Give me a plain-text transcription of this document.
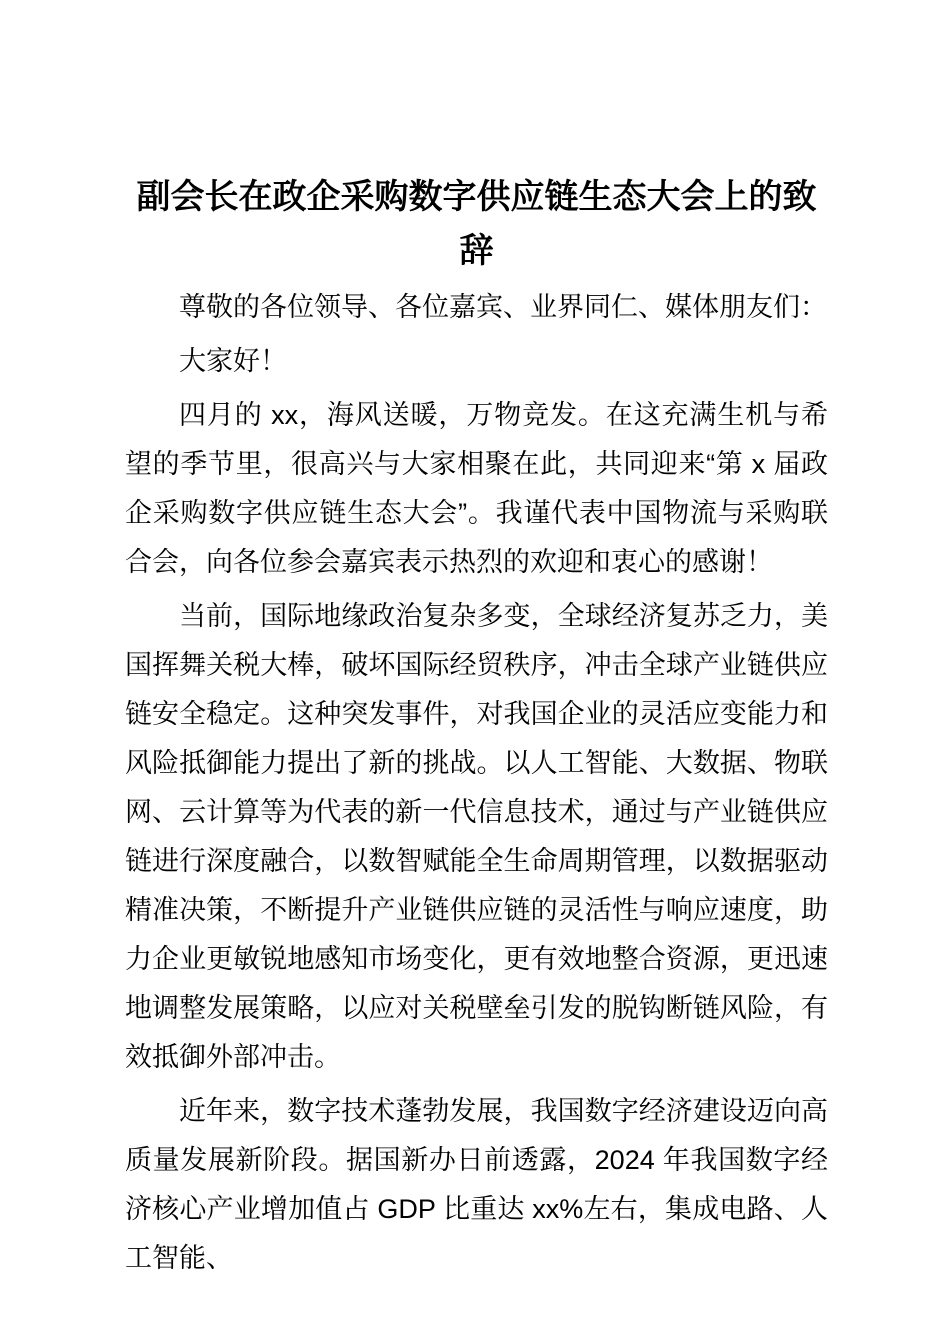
副会长在政企采购数字供应链生态大会上的致
辞

尊敬的各位领导、各位嘉宾、业界同仁、媒体朋友们：

大家好！

四月的 xx，海风送暖，万物竞发。在这充满生机与希望的季节里，很高兴与大家相聚在此，共同迎来“第 x 届政企采购数字供应链生态大会”。我谨代表中国物流与采购联合会，向各位参会嘉宾表示热烈的欢迎和衷心的感谢！

当前，国际地缘政治复杂多变，全球经济复苏乏力，美国挥舞关税大棒，破坏国际经贸秩序，冲击全球产业链供应链安全稳定。这种突发事件，对我国企业的灵活应变能力和风险抵御能力提出了新的挑战。以人工智能、大数据、物联网、云计算等为代表的新一代信息技术，通过与产业链供应链进行深度融合，以数智赋能全生命周期管理，以数据驱动精准决策，不断提升产业链供应链的灵活性与响应速度，助力企业更敏锐地感知市场变化，更有效地整合资源，更迅速地调整发展策略，以应对关税壁垒引发的脱钩断链风险，有效抵御外部冲击。

近年来，数字技术蓬勃发展，我国数字经济建设迈向高质量发展新阶段。据国新办日前透露，2024 年我国数字经济核心产业增加值占 GDP 比重达 xx%左右，集成电路、人工智能、
